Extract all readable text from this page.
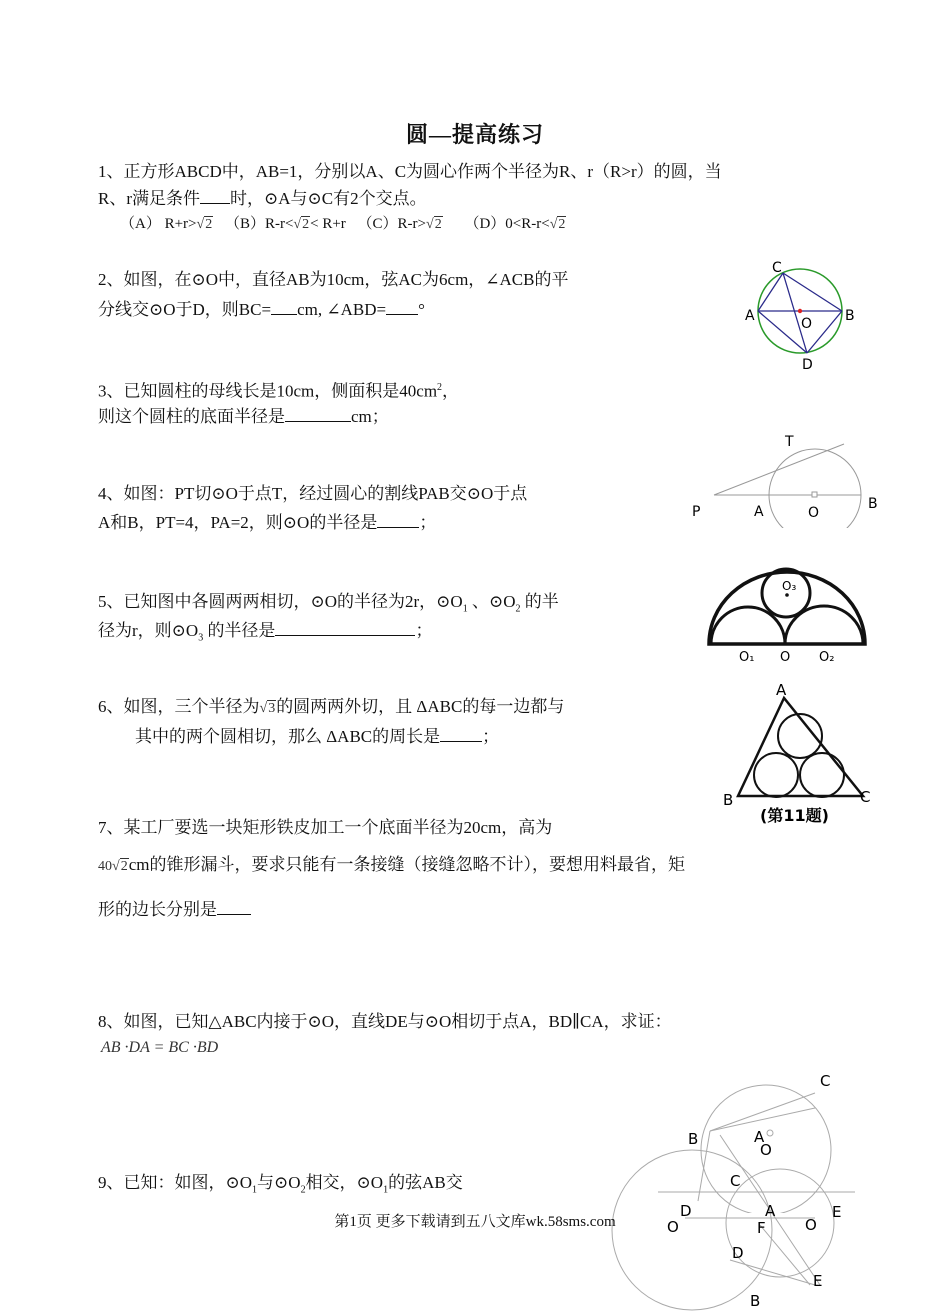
圆—提高练习
1、正方形ABCD中，AB=1，分别以A、C为圆心作两个半径为R、r（R>r）的圆，当
R、r满足条件 时，⊙A与⊙C有2个交点。
（A） R+r>√2 （B）R-r<√2< R+r （C）R-r>√2 （D）0<R-r<√2
2、如图，在⊙O中，直径AB为10cm，弦AC为6cm，∠ACB的平
分线交⊙O于D，则BC= cm, ∠ABD= °
C
A	B
O
D
3、已知圆柱的母线长是10cm，侧面积是$40cm^2$，
则这个圆柱的底面半径是	cm；
4、如图：PT切⊙O于点T，经过圆心的割线PAB交⊙O于点
A和B，PT=4，PA=2，则⊙O的半径是 ；
T
P	A	O
B
5、已知图中各圆两两相切，⊙O的半径为2r，$⊙O_1$ 、$⊙O_2$ 的半
径为r，则$⊙O_3$ 的半径是	；
O₃
O₁ O O₂
6、如图，三个半径为√3的圆两两外切，且 ΔABC的每一边都与
其中的两个圆相切，那么 ΔABC的周长是 ；
A
B	C
(第11题)
7、某工厂要选一块矩形铁皮加工一个底面半径为20cm，高为
40√2cm的锥形漏斗，要求只能有一条接缝（接缝忽略不计），要想用料最省，矩
形的边长分别是
8、如图，已知△ABC内接于⊙O，直线DE与⊙O相切于点A，BD∥CA，求证：
AB ·DA = BC ·BD
C
B	A
O
9、已知：如图，$⊙O_1$与$⊙O_2$相交，$⊙O_1$的弦AB交	C
D	A	E
O	F	O
D
E
B
第1页 更多下载请到五八文库wk.58sms.com
